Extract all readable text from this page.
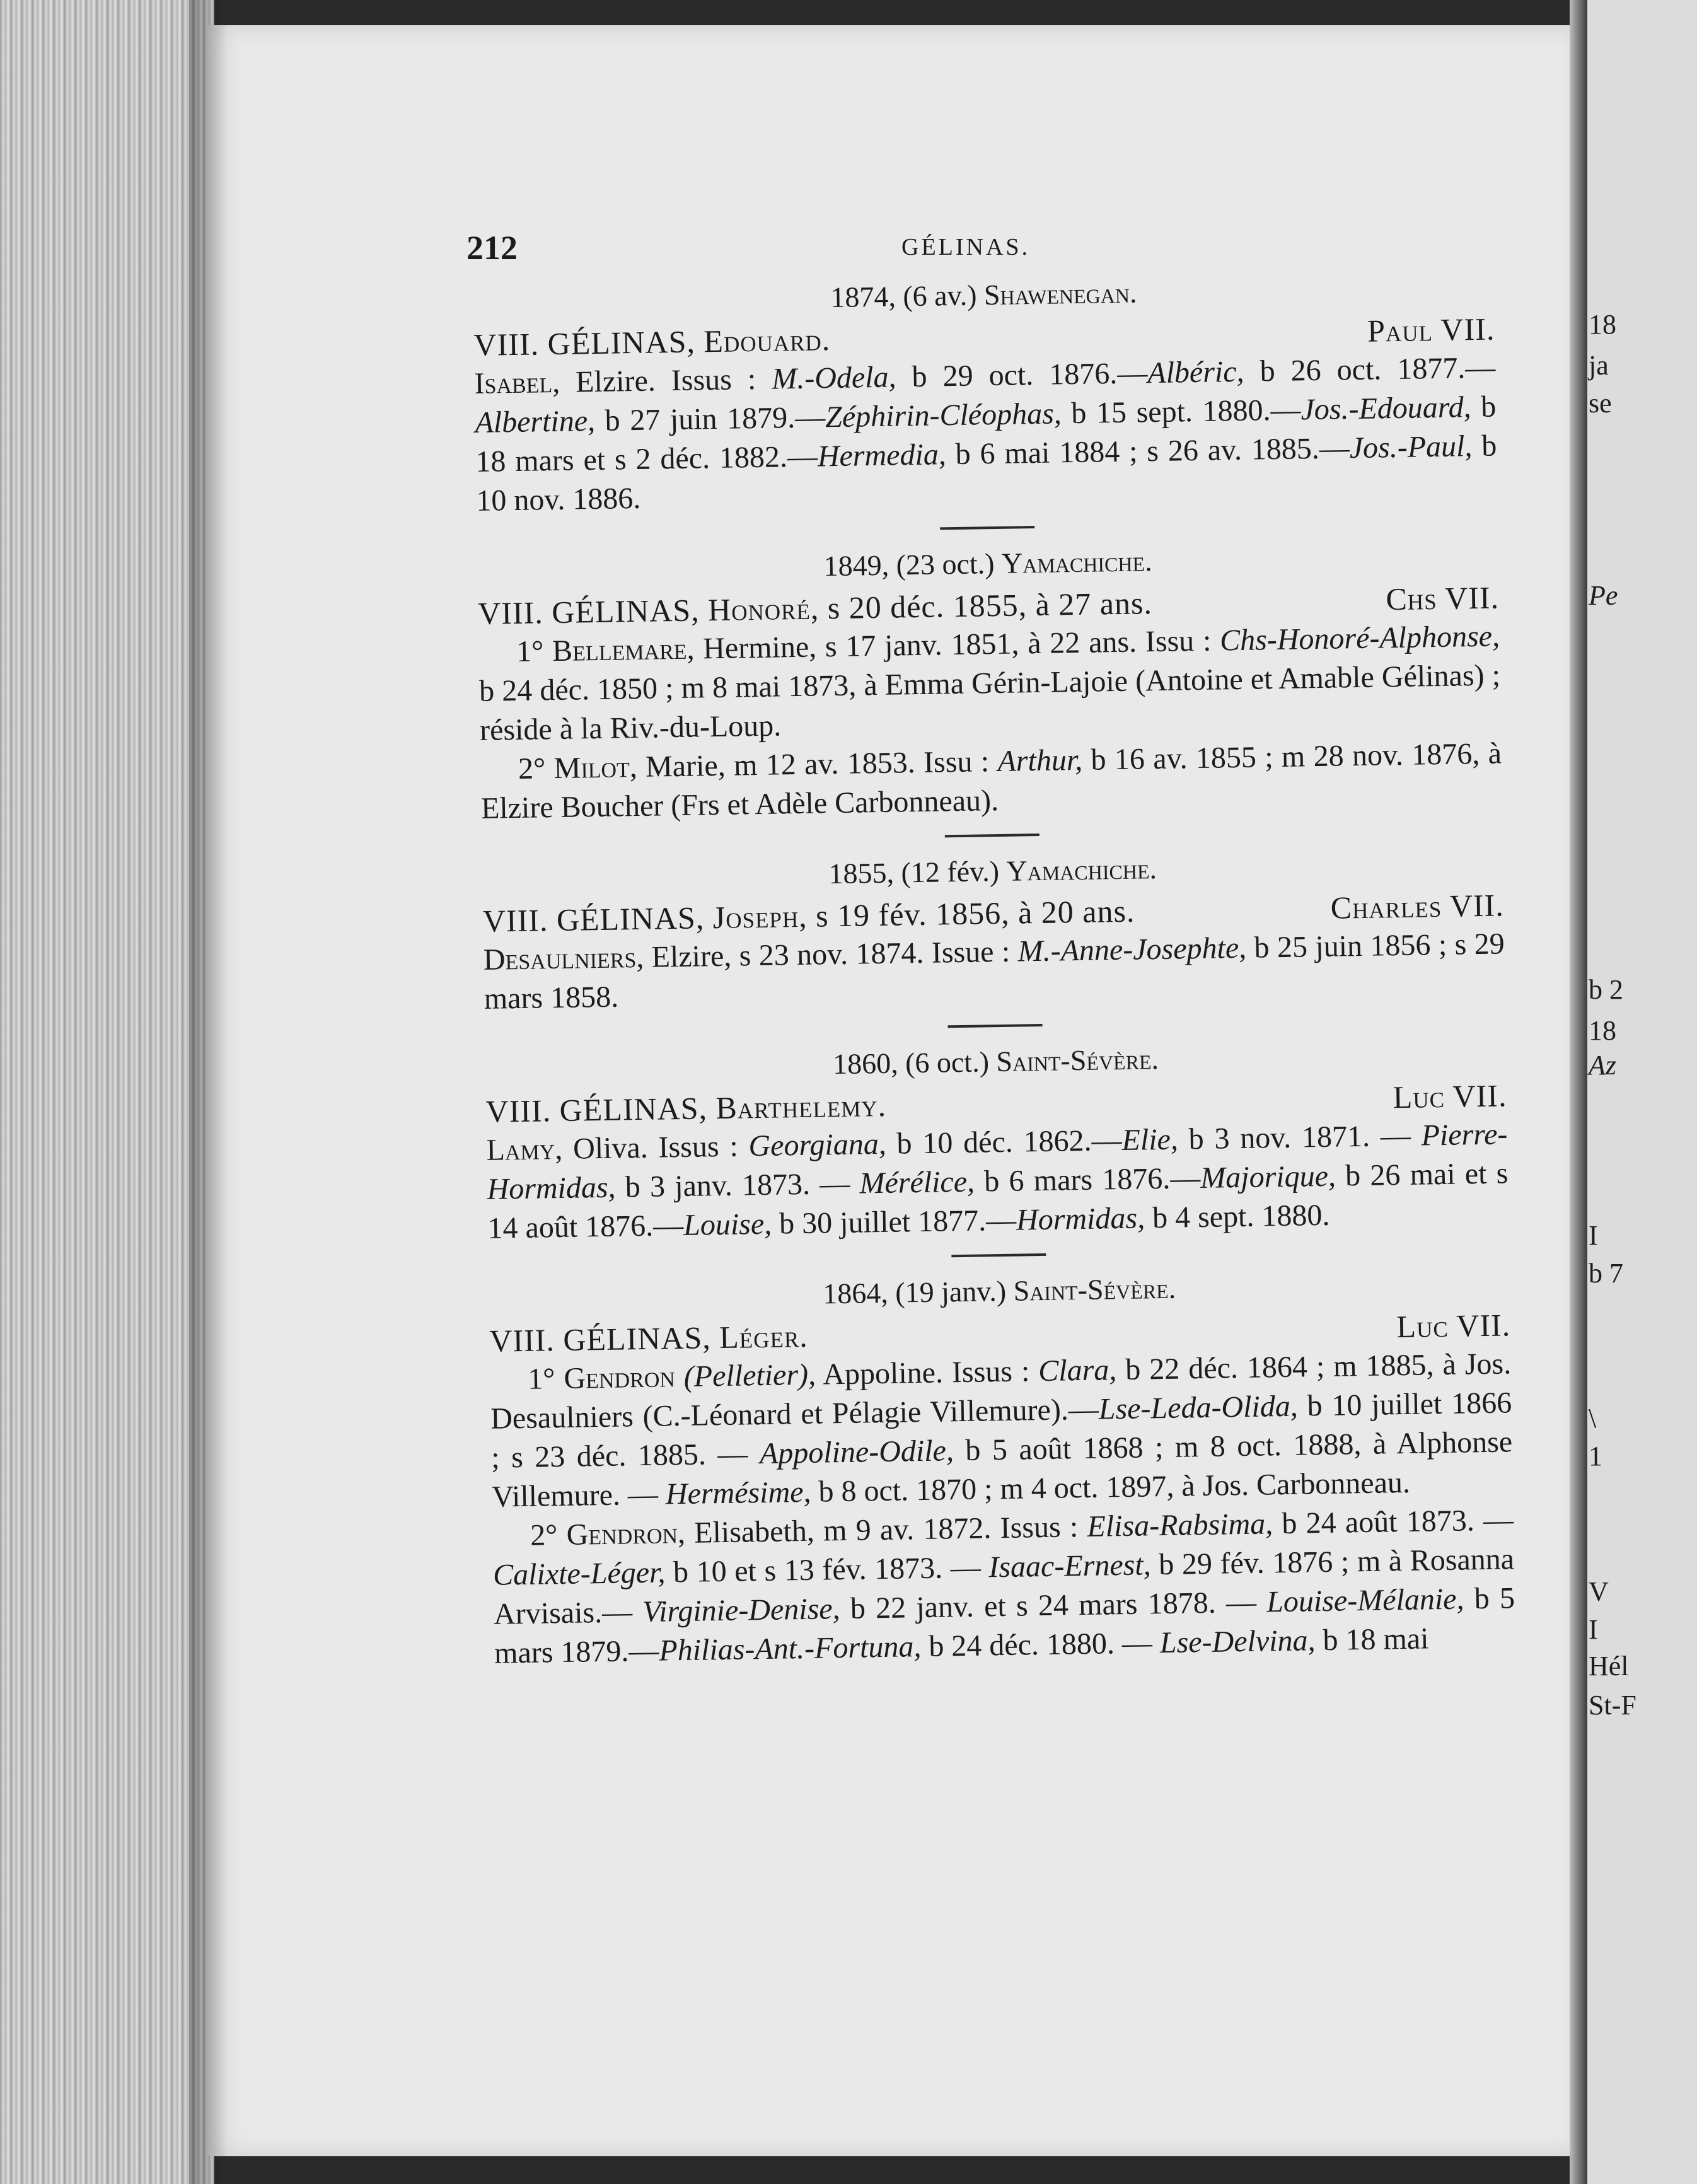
18
ja
se
Pe
b 2
18
Az
I
b 7
\
1
V
I
Hél
St-F
212	GÉLINAS.
1874, (6 av.) Shawenegan.
VIII. GÉLINAS, Edouard.	Paul VII.

Isabel, Elzire. Issus : M.-Odela, b 29 oct. 1876.—Albéric, b 26 oct. 1877.—Albertine, b 27 juin 1879.—Zéphirin-Cléophas, b 15 sept. 1880.—Jos.-Edouard, b 18 mars et s 2 déc. 1882.—Hermedia, b 6 mai 1884 ; s 26 av. 1885.—Jos.-Paul, b 10 nov. 1886.

1849, (23 oct.) Yamachiche.
VIII. GÉLINAS, Honoré, s 20 déc. 1855, à 27 ans.	Chs VII.

1° Bellemare, Hermine, s 17 janv. 1851, à 22 ans. Issu : Chs-Honoré-Alphonse, b 24 déc. 1850 ; m 8 mai 1873, à Emma Gérin-Lajoie (Antoine et Amable Gélinas) ; réside à la Riv.-du-Loup.

2° Milot, Marie, m 12 av. 1853. Issu : Arthur, b 16 av. 1855 ; m 28 nov. 1876, à Elzire Boucher (Frs et Adèle Carbonneau).

1855, (12 fév.) Yamachiche.
VIII. GÉLINAS, Joseph, s 19 fév. 1856, à 20 ans.	Charles VII.

Desaulniers, Elzire, s 23 nov. 1874. Issue : M.-Anne-Josephte, b 25 juin 1856 ; s 29 mars 1858.

1860, (6 oct.) Saint-Sévère.
VIII. GÉLINAS, Barthelemy.	Luc VII.

Lamy, Oliva. Issus : Georgiana, b 10 déc. 1862.—Elie, b 3 nov. 1871. — Pierre-Hormidas, b 3 janv. 1873. — Mérélice, b 6 mars 1876.—Majorique, b 26 mai et s 14 août 1876.—Louise, b 30 juillet 1877.—Hormidas, b 4 sept. 1880.

1864, (19 janv.) Saint-Sévère.
VIII. GÉLINAS, Léger.	Luc VII.

1° Gendron (Pelletier), Appoline. Issus : Clara, b 22 déc. 1864 ; m 1885, à Jos. Desaulniers (C.-Léonard et Pélagie Villemure).—Lse-Leda-Olida, b 10 juillet 1866 ; s 23 déc. 1885. — Appoline-Odile, b 5 août 1868 ; m 8 oct. 1888, à Alphonse Villemure. — Hermésime, b 8 oct. 1870 ; m 4 oct. 1897, à Jos. Carbonneau.

2° Gendron, Elisabeth, m 9 av. 1872. Issus : Elisa-Rabsima, b 24 août 1873. — Calixte-Léger, b 10 et s 13 fév. 1873. — Isaac-Ernest, b 29 fév. 1876 ; m à Rosanna Arvisais.— Virginie-Denise, b 22 janv. et s 24 mars 1878. — Louise-Mélanie, b 5 mars 1879.—Philias-Ant.-Fortuna, b 24 déc. 1880. — Lse-Delvina, b 18 mai
